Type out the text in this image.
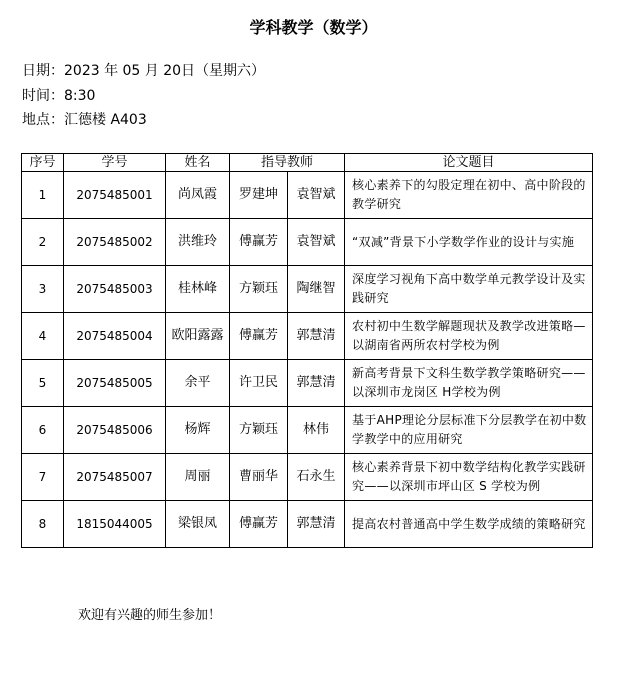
学科教学（数学）
日期：2023 年 05 月 20日（星期六）
时间：8:30
地点：汇德楼 A403
序号	学号	姓名	指导教师		论文题目
1	2075485001	尚凤霞	罗建坤	袁智斌	核心素养下的勾股定理在初中、高中阶段的教学研究
2	2075485002	洪维玲	傅赢芳	袁智斌	“双减”背景下小学数学作业的设计与实施
3	2075485003	桂林峰	方颖珏	陶继智	深度学习视角下高中数学单元教学设计及实践研究
4	2075485004	欧阳露露	傅赢芳	郭慧清	农村初中生数学解题现状及教学改进策略—以湖南省两所农村学校为例
5	2075485005	余平	许卫民	郭慧清	新高考背景下文科生数学教学策略研究——以深圳市龙岗区 H学校为例
6	2075485006	杨辉	方颖珏	林伟	基于AHP理论分层标准下分层教学在初中数学教学中的应用研究
7	2075485007	周丽	曹丽华	石永生	核心素养背景下初中数学结构化教学实践研究——以深圳市坪山区 S 学校为例
8	1815044005	梁银凤	傅赢芳	郭慧清	提高农村普通高中学生数学成绩的策略研究
欢迎有兴趣的师生参加！
